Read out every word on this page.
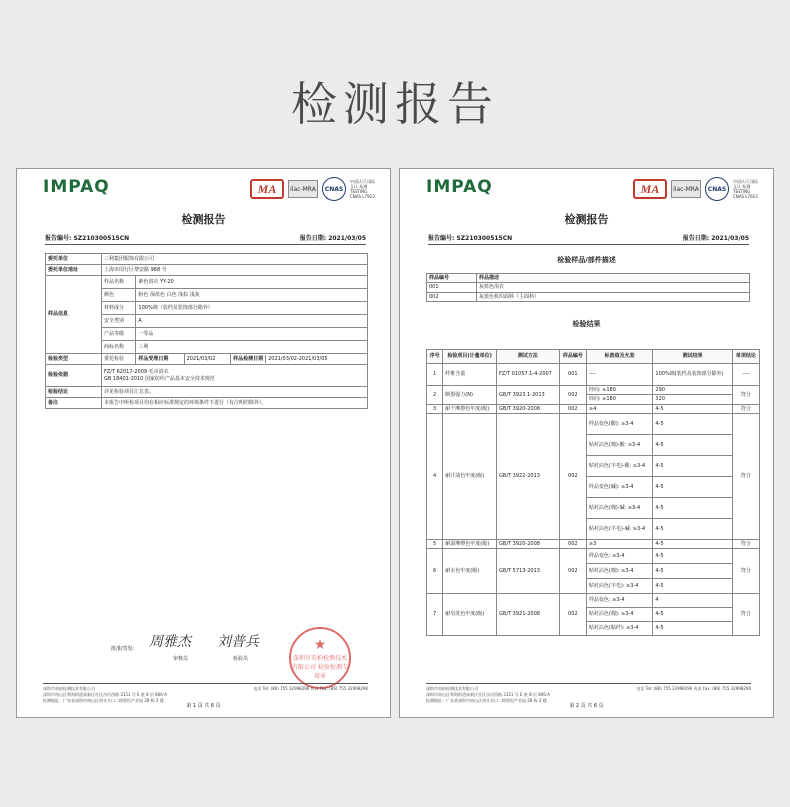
检测报告
IMPAQ	MA	ilac-MRA	CNAS
中国认可 国际互认 检测 TESTING CNAS L7923
检测报告
报告编号: SZ210300515CN	报告日期: 2021/03/05
委托单位	三利集团服饰有限公司			
委托单位地址	上海市闵行区黎安路 968 号			
样品信息	样品名称	素色浴衣 YY-20		
	颜色	粉色 深蓝色 白色 浅棕 浅灰		
	材料成分	100%棉（装档及装饰部分除外）		
	安全类别	A		
	产品等级	一等品		
	商标名称	三利		
检验类型	委托检验	样品受理日期	2021/03/02	样品检测日期 2021/03/02-2021/03/05

检验依据	FZ/T 62017-2009 毛巾浴衣
GB 18401-2010 国家纺织产品基本安全技术规范			

检验结论	详见检验项目汇总表。			
备注	本报告中所检项目均在相应标准规定的环境条件下进行（有注明的除外）。			
批准/签发: 周雅杰
审核员
刘普兵
检验员
★
深圳市英柏检测技术有限公司 检验检测专用章
深圳市英柏检测技术有限公司
深圳市南山区粤海街道高新区社区沙河西路 3151 号 E 座 8 层 806-A
检测地址：广东省深圳市南山区南头关口二路智恒产业园 28 栋 3 楼
电话 Tel: (86) 755 32998296 传真 Fax: (86) 755 32998296
第 1 页 共 6 页
IMPAQ	MA	ilac-MRA	CNAS
中国认可 国际互认 检测 TESTING CNAS L7923
检测报告
报告编号: SZ210300515CN	报告日期: 2021/03/05
检验样品/部件描述
样品编号	样品描述
001	灰蓝色浴衣
002	灰蓝色机织面料（主面料）
检验结果
序号	检验项目(计量单位)	测试方法	样品编号	标准值及允差	测试结果	单项结论
1	纤维含量	FZ/T 01057.1-4-2007	001	----	100%棉(装档及装饰部分除外)	----
2	断裂强力(N)	GB/T 3923.1-2013	002	经向: ≥180	290	符合
				纬向: ≥180	320	
3	耐干摩擦色牢度(级)	GB/T 3920-2008	002	≥4	4-5	符合
4	耐汗渍色牢度(级)	GB/T 3922-2013	002	样品变色(酸): ≥3-4	4-5	符合
				贴衬沾色(棉)-酸: ≥3-4	4-5	
				贴衬沾色(羊毛)-酸: ≥3-4	4-5	
				样品变色(碱): ≥3-4	4-5	
				贴衬沾色(棉)-碱: ≥3-4	4-5	
				贴衬沾色(羊毛)-碱: ≥3-4	4-5	
5	耐湿摩擦色牢度(级)	GB/T 3920-2008	002	≥3	4-5	符合
6	耐水色牢度(级)	GB/T 5713-2013	002	样品变色: ≥3-4	4-5	符合
				贴衬沾色(棉): ≥3-4	4-5	
				贴衬沾色(羊毛): ≥3-4	4-5	
7	耐皂洗色牢度(级)	GB/T 3921-2008	002	样品变色: ≥3-4	4	符合
				贴衬沾色(棉): ≥3-4	4-5	
				贴衬沾色(粘纤): ≥3-4	4-5	
深圳市英柏检测技术有限公司
深圳市南山区粤海街道高新区社区沙河西路 3151 号 E 座 8 层 806-A
检测地址：广东省深圳市南山区南头关口二路智恒产业园 28 栋 3 楼
电话 Tel: (86) 755 32998296 传真 Fax: (86) 755 32998296
第 2 页 共 6 页
